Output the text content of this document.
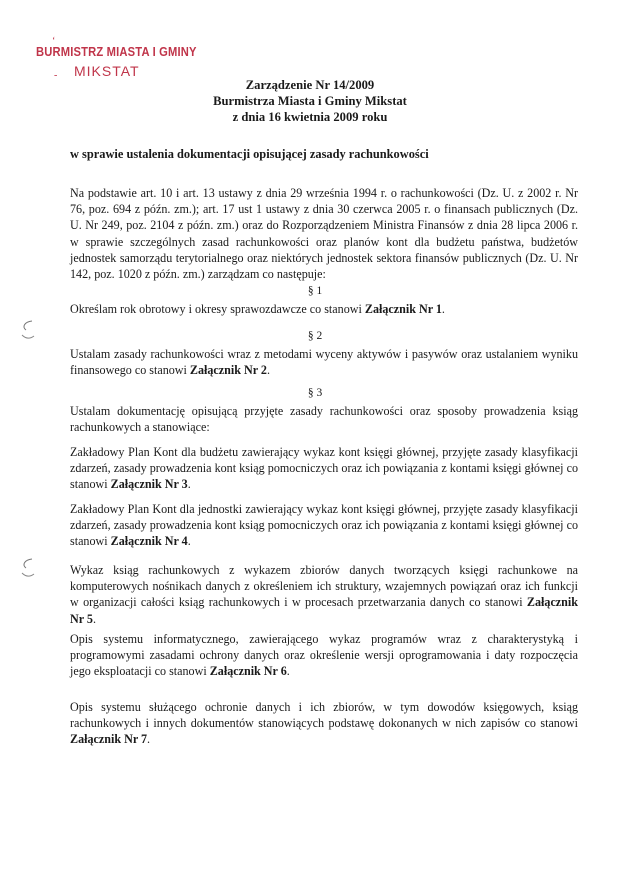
‘
BURMISTRZ MIASTA I GMINY
- MIKSTAT
Zarządzenie Nr 14/2009
Burmistrza Miasta i Gminy Mikstat
z dnia 16 kwietnia 2009 roku
w sprawie ustalenia dokumentacji opisującej zasady rachunkowości
Na podstawie art. 10 i art. 13 ustawy z dnia 29 września 1994 r. o rachunkowości (Dz. U. z 2002 r. Nr 76, poz. 694 z późn. zm.); art. 17 ust 1 ustawy z dnia 30 czerwca 2005 r. o finansach publicznych (Dz. U. Nr 249, poz. 2104 z późn. zm.) oraz do Rozporządzeniem Ministra Finansów z dnia 28 lipca 2006 r. w sprawie szczególnych zasad rachunkowości oraz planów kont dla budżetu państwa, budżetów jednostek samorządu terytorialnego oraz niektórych jednostek sektora finansów publicznych (Dz. U. Nr 142, poz. 1020 z późn. zm.) zarządzam co następuje:
§ 1
Określam rok obrotowy i okresy sprawozdawcze co stanowi Załącznik Nr 1.
§ 2
Ustalam zasady rachunkowości wraz z metodami wyceny aktywów i pasywów oraz ustalaniem wyniku finansowego co stanowi Załącznik Nr 2.
§ 3
Ustalam dokumentację opisującą przyjęte zasady rachunkowości oraz sposoby prowadzenia ksiąg rachunkowych a stanowiące:
Zakładowy Plan Kont dla budżetu zawierający wykaz kont księgi głównej, przyjęte zasady klasyfikacji zdarzeń, zasady prowadzenia kont ksiąg pomocniczych oraz ich powiązania z kontami księgi głównej co stanowi Załącznik Nr 3.
Zakładowy Plan Kont dla jednostki zawierający wykaz kont księgi głównej, przyjęte zasady klasyfikacji zdarzeń, zasady prowadzenia kont ksiąg pomocniczych oraz ich powiązania z kontami księgi głównej co stanowi Załącznik Nr 4.
Wykaz ksiąg rachunkowych z wykazem zbiorów danych tworzących księgi rachunkowe na komputerowych nośnikach danych z określeniem ich struktury, wzajemnych powiązań oraz ich funkcji w organizacji całości ksiąg rachunkowych i w procesach przetwarzania danych co stanowi Załącznik Nr 5.
Opis systemu informatycznego, zawierającego wykaz programów wraz z charakterystyką i programowymi zasadami ochrony danych oraz określenie wersji oprogramowania i daty rozpoczęcia jego eksploatacji co stanowi Załącznik Nr 6.
Opis systemu służącego ochronie danych i ich zbiorów, w tym dowodów księgowych, ksiąg rachunkowych i innych dokumentów stanowiących podstawę dokonanych w nich zapisów co stanowi Załącznik Nr 7.
